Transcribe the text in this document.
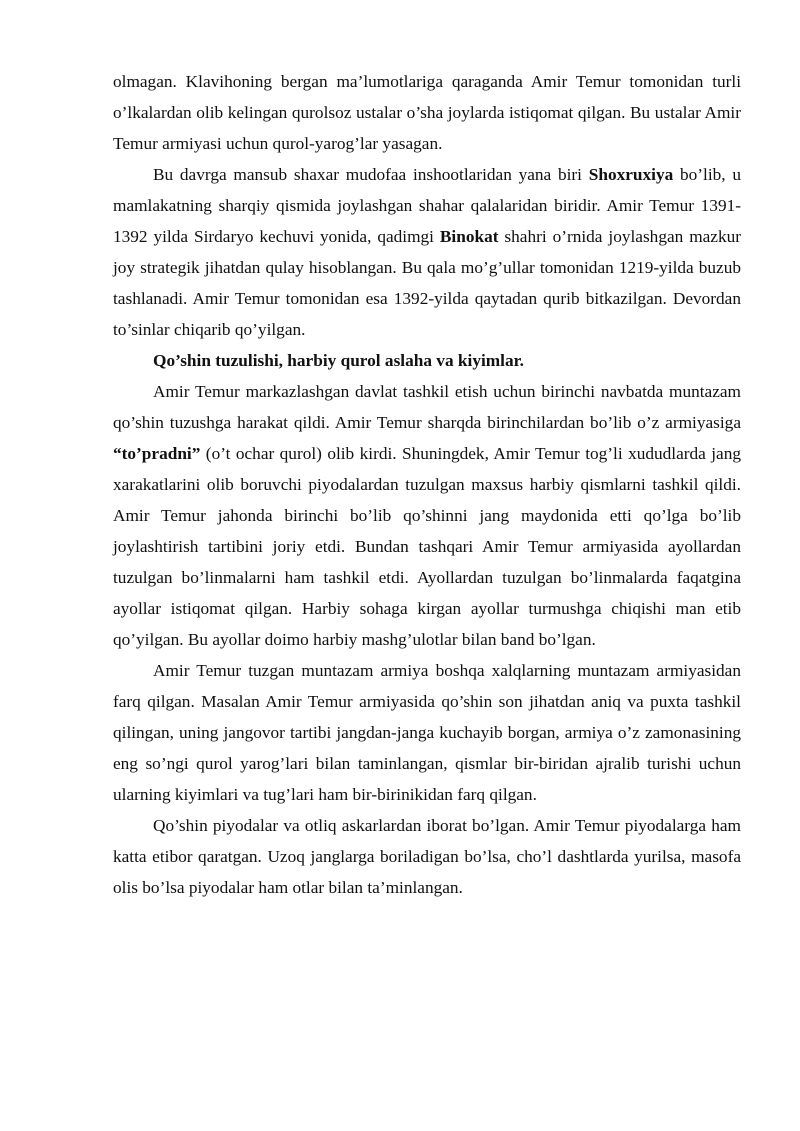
olmagan. Klavihoning bergan ma’lumotlariga qaraganda Amir Temur tomonidan turli o’lkalardan olib kelingan qurolsoz ustalar o’sha joylarda istiqomat qilgan. Bu ustalar Amir Temur armiyasi uchun qurol-yarog’lar yasagan.

Bu davrga mansub shaxar mudofaa inshootlaridan yana biri Shoxruxiya bo’lib, u mamlakatning sharqiy qismida joylashgan shahar qalalaridan biridir. Amir Temur 1391-1392 yilda Sirdaryo kechuvi yonida, qadimgi Binokat shahri o’rnida joylashgan mazkur joy strategik jihatdan qulay hisoblangan. Bu qala mo’g’ullar tomonidan 1219-yilda buzub tashlanadi. Amir Temur tomonidan esa 1392-yilda qaytadan qurib bitkazilgan. Devordan to’sinlar chiqarib qo’yilgan.

Qo’shin tuzulishi, harbiy qurol aslaha va kiyimlar.

Amir Temur markazlashgan davlat tashkil etish uchun birinchi navbatda muntazam qo’shin tuzushga harakat qildi. Amir Temur sharqda birinchilardan bo’lib o’z armiyasiga “to’pradni” (o’t ochar qurol) olib kirdi. Shuningdek, Amir Temur tog’li xududlarda jang xarakatlarini olib boruvchi piyodalardan tuzulgan maxsus harbiy qismlarni tashkil qildi. Amir Temur jahonda birinchi bo’lib qo’shinni jang maydonida etti qo’lga bo’lib joylashtirish tartibini joriy etdi. Bundan tashqari Amir Temur armiyasida ayollardan tuzulgan bo’linmalarni ham tashkil etdi. Ayollardan tuzulgan bo’linmalarda faqatgina ayollar istiqomat qilgan. Harbiy sohaga kirgan ayollar turmushga chiqishi man etib qo’yilgan. Bu ayollar doimo harbiy mashg’ulotlar bilan band bo’lgan.

Amir Temur tuzgan muntazam armiya boshqa xalqlarning muntazam armiyasidan farq qilgan. Masalan Amir Temur armiyasida qo’shin son jihatdan aniq va puxta tashkil qilingan, uning jangovor tartibi jangdan-janga kuchayib borgan, armiya o’z zamonasining eng so’ngi qurol yarog’lari bilan taminlangan, qismlar bir-biridan ajralib turishi uchun ularning kiyimlari va tug’lari ham bir-birinikidan farq qilgan.

Qo’shin piyodalar va otliq askarlardan iborat bo’lgan. Amir Temur piyodalarga ham katta etibor qaratgan. Uzoq janglarga boriladigan bo’lsa, cho’l dashtlarda yurilsa, masofa olis bo’lsa piyodalar ham otlar bilan ta’minlangan.
